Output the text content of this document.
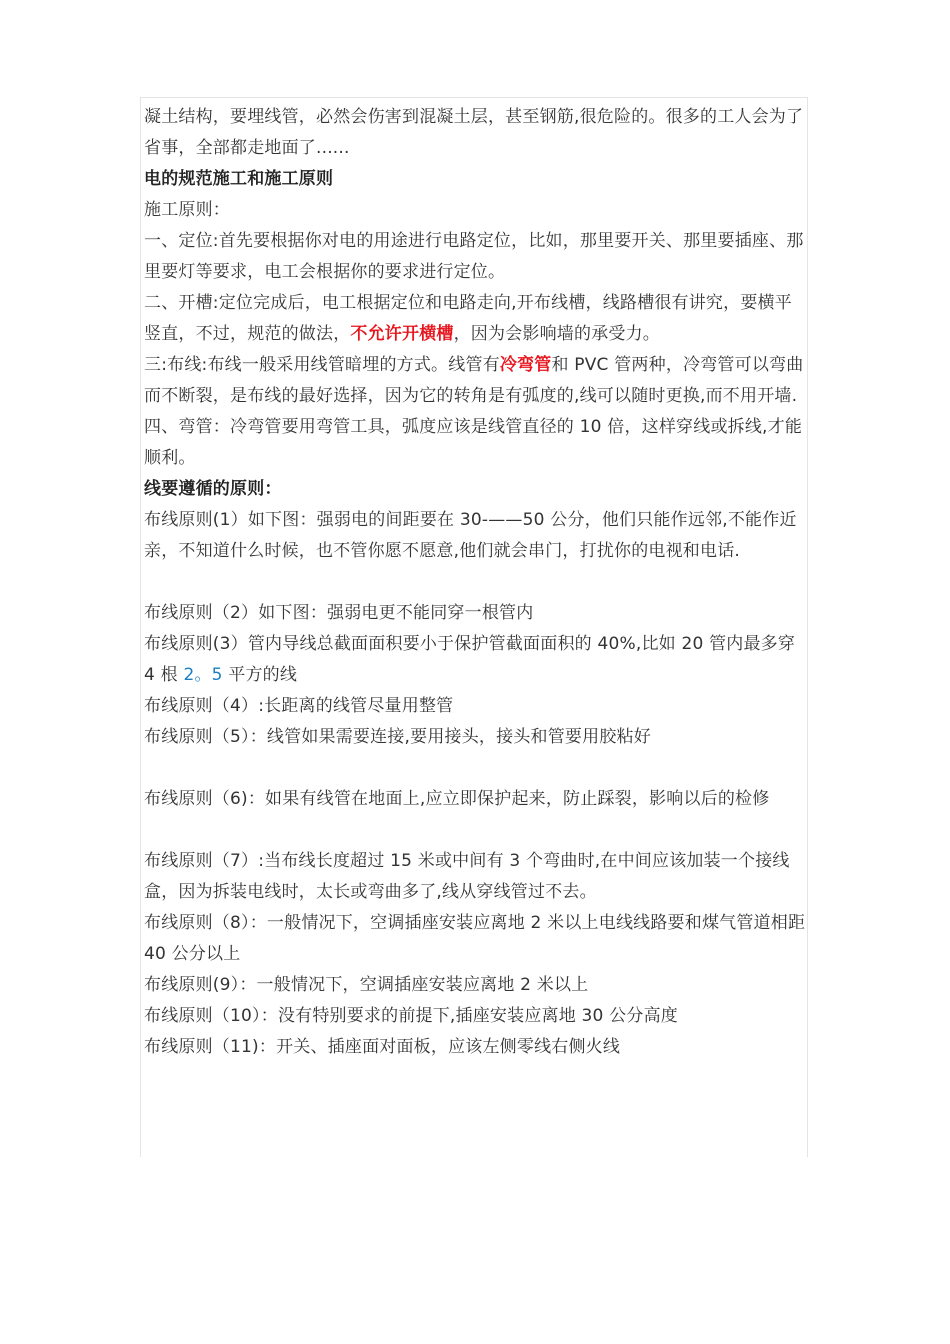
凝土结构，要埋线管，必然会伤害到混凝土层，甚至钢筋,很危险的。很多的工人会为了省事，全部都走地面了......

电的规范施工和施工原则

施工原则：

一、定位:首先要根据你对电的用途进行电路定位，比如，那里要开关、那里要插座、那里要灯等要求，电工会根据你的要求进行定位。

二、开槽:定位完成后，电工根据定位和电路走向,开布线槽，线路槽很有讲究，要横平竖直，不过，规范的做法，不允许开横槽，因为会影响墙的承受力。

三:布线:布线一般采用线管暗埋的方式。线管有冷弯管和 PVC 管两种，冷弯管可以弯曲而不断裂，是布线的最好选择，因为它的转角是有弧度的,线可以随时更换,而不用开墙.

四、弯管：冷弯管要用弯管工具，弧度应该是线管直径的 10 倍，这样穿线或拆线,才能顺利。

线要遵循的原则：

布线原则(1）如下图：强弱电的间距要在 30-——50 公分，他们只能作远邻,不能作近亲，不知道什么时候，也不管你愿不愿意,他们就会串门，打扰你的电视和电话.

布线原则（2）如下图：强弱电更不能同穿一根管内

布线原则(3）管内导线总截面面积要小于保护管截面面积的 40%,比如 20 管内最多穿 4 根 2。5 平方的线

布线原则（4）:长距离的线管尽量用整管

布线原则（5）：线管如果需要连接,要用接头，接头和管要用胶粘好

布线原则（6)：如果有线管在地面上,应立即保护起来，防止踩裂，影响以后的检修

布线原则（7）:当布线长度超过 15 米或中间有 3 个弯曲时,在中间应该加装一个接线盒，因为拆装电线时，太长或弯曲多了,线从穿线管过不去。

布线原则（8）：一般情况下，空调插座安装应离地 2 米以上电线线路要和煤气管道相距 40 公分以上

布线原则(9）：一般情况下，空调插座安装应离地 2 米以上

布线原则（10）：没有特别要求的前提下,插座安装应离地 30 公分高度

布线原则（11)：开关、插座面对面板，应该左侧零线右侧火线
